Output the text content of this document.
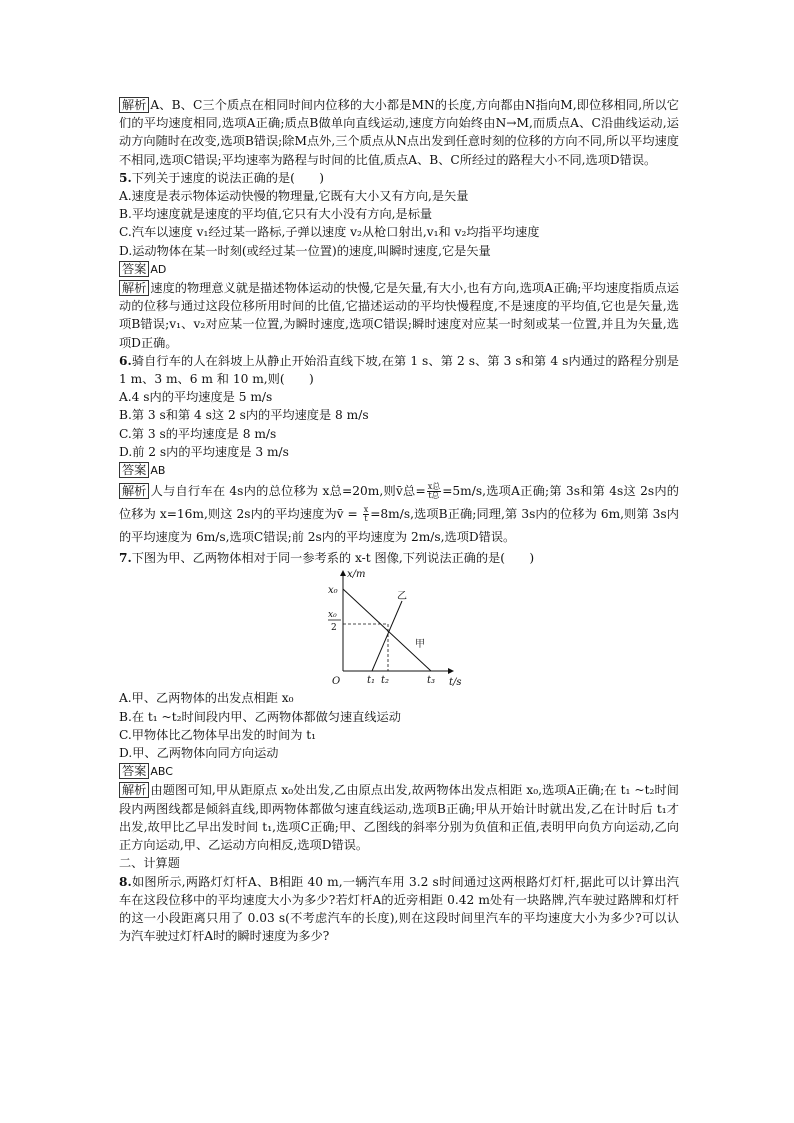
解析 A、B、C三个质点在相同时间内位移的大小都是MN的长度,方向都由N指向M,即位移相同,所以它们的平均速度相同,选项A正确;质点B做单向直线运动,速度方向始终由N→M,而质点A、C沿曲线运动,运动方向随时在改变,选项B错误;除M点外,三个质点从N点出发到任意时刻的位移的方向不同,所以平均速度不相同,选项C错误;平均速率为路程与时间的比值,质点A、B、C所经过的路程大小不同,选项D错误。

5.下列关于速度的说法正确的是(　　)

A.速度是表示物体运动快慢的物理量,它既有大小又有方向,是矢量

B.平均速度就是速度的平均值,它只有大小没有方向,是标量

C.汽车以速度 v₁经过某一路标,子弹以速度 v₂从枪口射出,v₁和 v₂均指平均速度

D.运动物体在某一时刻(或经过某一位置)的速度,叫瞬时速度,它是矢量

答案 AD

解析 速度的物理意义就是描述物体运动的快慢,它是矢量,有大小,也有方向,选项A正确;平均速度指质点运动的位移与通过这段位移所用时间的比值,它描述运动的平均快慢程度,不是速度的平均值,它也是矢量,选项B错误;v₁、v₂对应某一位置,为瞬时速度,选项C错误;瞬时速度对应某一时刻或某一位置,并且为矢量,选项D正确。

6.骑自行车的人在斜坡上从静止开始沿直线下坡,在第 1 s、第 2 s、第 3 s和第 4 s内通过的路程分别是 1 m、3 m、6 m 和 10 m,则(　　)

A.4 s内的平均速度是 5 m/s

B.第 3 s和第 4 s这 2 s内的平均速度是 8 m/s

C.第 3 s的平均速度是 8 m/s

D.前 2 s内的平均速度是 3 m/s

答案 AB

解析 人与自行车在 4s内的总位移为 x总=20m,则v̄总= $\frac{\text{x总}}{\text{t总}} =5m/s$,选项A正确;第 3s和第 4s这 2s内的位移为 x=16m,则这 2s内的平均速度为v̄ = $\frac{x}{t} =8m/s$,选项B正确;同理,第 3s内的位移为 6m,则第 3s内的平均速度为 6m/s,选项C错误;前 2s内的平均速度为 2m/s,选项D错误。

7.下图为甲、乙两物体相对于同一参考系的 x-t 图像,下列说法正确的是(　　)

x/m
t/s
O
x₀
x₀
2
乙
甲
t₁ t₂	t₃

A.甲、乙两物体的出发点相距 x₀

B.在 t₁ ~t₂时间段内甲、乙两物体都做匀速直线运动

C.甲物体比乙物体早出发的时间为 t₁

D.甲、乙两物体向同方向运动

答案 ABC

解析 由题图可知,甲从距原点 x₀处出发,乙由原点出发,故两物体出发点相距 x₀,选项A正确;在 t₁ ~t₂时间段内两图线都是倾斜直线,即两物体都做匀速直线运动,选项B正确;甲从开始计时就出发,乙在计时后 t₁才出发,故甲比乙早出发时间 t₁,选项C正确;甲、乙图线的斜率分别为负值和正值,表明甲向负方向运动,乙向正方向运动,甲、乙运动方向相反,选项D错误。

二、计算题

8.如图所示,两路灯灯杆A、B相距 40 m,一辆汽车用 3.2 s时间通过这两根路灯灯杆,据此可以计算出汽车在这段位移中的平均速度大小为多少?若灯杆A的近旁相距 0.42 m处有一块路牌,汽车驶过路牌和灯杆的这一小段距离只用了 0.03 s(不考虑汽车的长度),则在这段时间里汽车的平均速度大小为多少?可以认为汽车驶过灯杆A时的瞬时速度为多少?
